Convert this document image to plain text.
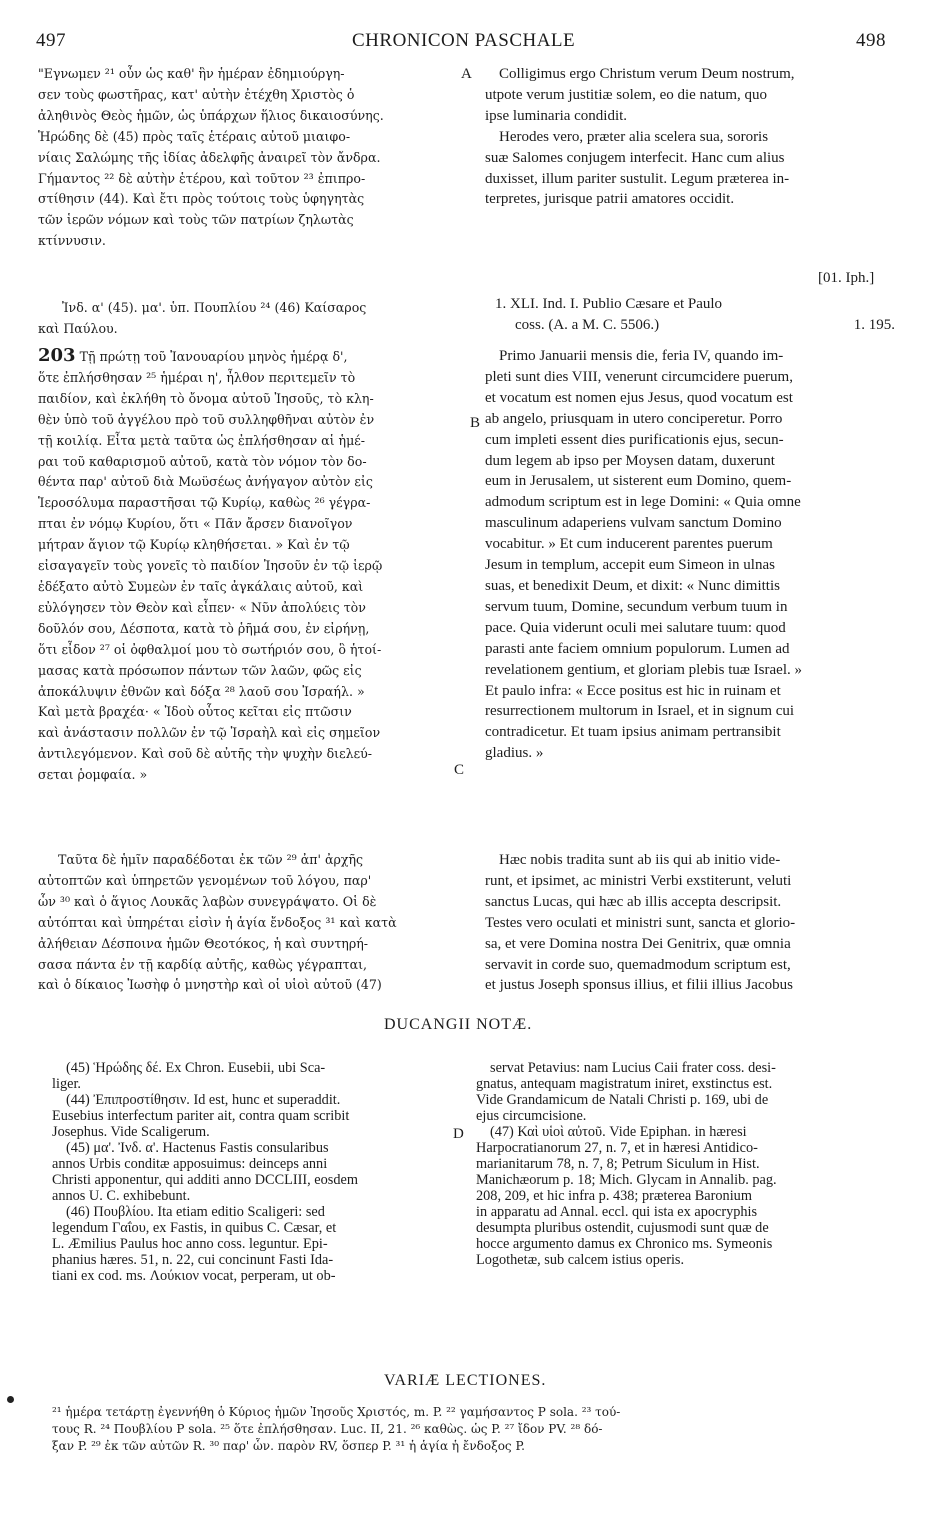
497	CHRONICON PASCHALE	498
A
B
C
D
"Εγνωμεν ²¹ οὖν ὡς καθ' ἣν ἡμέραν ἐδημιούργη-
σεν τοὺς φωστῆρας, κατ' αὐτὴν ἐτέχθη Χριστὸς ὁ
ἀληθινὸς Θεὸς ἡμῶν, ὡς ὑπάρχων ἥλιος δικαιοσύνης.
Ἡρώδης δὲ (45) πρὸς ταῖς ἑτέραις αὐτοῦ μιαιφο-
νίαις Σαλώμης τῆς ἰδίας ἀδελφῆς ἀναιρεῖ τὸν ἄνδρα.
Γήμαντος ²² δὲ αὐτὴν ἑτέρου, καὶ τοῦτον ²³ ἐπιπρο-
στίθησιν (44). Καὶ ἔτι πρὸς τούτοις τοὺς ὑφηγητὰς
τῶν ἱερῶν νόμων καὶ τοὺς τῶν πατρίων ζηλωτὰς
κτίννυσιν.
Ἰνδ. α' (45). μα'. ὑπ. Πουπλίου ²⁴ (46) Καίσαρος
καὶ Παύλου.
203 Τῇ πρώτῃ τοῦ Ἰανουαρίου μηνὸς ἡμέρᾳ δ',
ὅτε ἐπλήσθησαν ²⁵ ἡμέραι η', ἦλθον περιτεμεῖν τὸ
παιδίον, καὶ ἐκλήθη τὸ ὄνομα αὐτοῦ Ἰησοῦς, τὸ κλη-
θὲν ὑπὸ τοῦ ἀγγέλου πρὸ τοῦ συλληφθῆναι αὐτὸν ἐν
τῇ κοιλίᾳ. Εἶτα μετὰ ταῦτα ὡς ἐπλήσθησαν αἱ ἡμέ-
ραι τοῦ καθαρισμοῦ αὐτοῦ, κατὰ τὸν νόμον τὸν δο-
θέντα παρ' αὐτοῦ διὰ Μωϋσέως ἀνήγαγον αὐτὸν εἰς
Ἱεροσόλυμα παραστῆσαι τῷ Κυρίῳ, καθὼς ²⁶ γέγρα-
πται ἐν νόμῳ Κυρίου, ὅτι « Πᾶν ἄρσεν διανοῖγον
μήτραν ἅγιον τῷ Κυρίῳ κληθήσεται. » Καὶ ἐν τῷ
εἰσαγαγεῖν τοὺς γονεῖς τὸ παιδίον Ἰησοῦν ἐν τῷ ἱερῷ
ἐδέξατο αὐτὸ Συμεὼν ἐν ταῖς ἀγκάλαις αὐτοῦ, καὶ
εὐλόγησεν τὸν Θεὸν καὶ εἶπεν· « Νῦν ἀπολύεις τὸν
δοῦλόν σου, Δέσποτα, κατὰ τὸ ῥῆμά σου, ἐν εἰρήνῃ,
ὅτι εἶδον ²⁷ οἱ ὀφθαλμοί μου τὸ σωτήριόν σου, ὃ ἡτοί-
μασας κατὰ πρόσωπον πάντων τῶν λαῶν, φῶς εἰς
ἀποκάλυψιν ἐθνῶν καὶ δόξα ²⁸ λαοῦ σου Ἰσραήλ. »
Καὶ μετὰ βραχέα· « Ἰδοὺ οὗτος κεῖται εἰς πτῶσιν
καὶ ἀνάστασιν πολλῶν ἐν τῷ Ἰσραὴλ καὶ εἰς σημεῖον
ἀντιλεγόμενον. Καὶ σοῦ δὲ αὐτῆς τὴν ψυχὴν διελεύ-
σεται ῥομφαία. »
Ταῦτα δὲ ἡμῖν παραδέδοται ἐκ τῶν ²⁹ ἀπ' ἀρχῆς
αὐτοπτῶν καὶ ὑπηρετῶν γενομένων τοῦ λόγου, παρ'
ὧν ³⁰ καὶ ὁ ἅγιος Λουκᾶς λαβὼν συνεγράψατο. Οἱ δὲ
αὐτόπται καὶ ὑπηρέται εἰσὶν ἡ ἁγία ἔνδοξος ³¹ καὶ κατὰ
ἀλήθειαν Δέσποινα ἡμῶν Θεοτόκος, ἡ καὶ συντηρή-
σασα πάντα ἐν τῇ καρδίᾳ αὐτῆς, καθὼς γέγραπται,
καὶ ὁ δίκαιος Ἰωσὴφ ὁ μνηστὴρ καὶ οἱ υἱοὶ αὐτοῦ (47)
Colligimus ergo Christum verum Deum nostrum,
utpote verum justitiæ solem, eo die natum, quo
ipse luminaria condidit.
Herodes vero, præter alia scelera sua, sororis
suæ Salomes conjugem interfecit. Hanc cum alius
duxisset, illum pariter sustulit. Legum præterea in-
terpretes, jurisque patrii amatores occidit.
[01. Iph.]
1. XLI. Ind. I. Publio Cæsare et Paulo
coss. (A. a M. C. 5506.)	1. 195.
Primo Januarii mensis die, feria IV, quando im-
pleti sunt dies VIII, venerunt circumcidere puerum,
et vocatum est nomen ejus Jesus, quod vocatum est
ab angelo, priusquam in utero conciperetur. Porro
cum impleti essent dies purificationis ejus, secun-
dum legem ab ipso per Moysen datam, duxerunt
eum in Jerusalem, ut sisterent eum Domino, quem-
admodum scriptum est in lege Domini: « Quia omne
masculinum adaperiens vulvam sanctum Domino
vocabitur. » Et cum inducerent parentes puerum
Jesum in templum, accepit eum Simeon in ulnas
suas, et benedixit Deum, et dixit: « Nunc dimittis
servum tuum, Domine, secundum verbum tuum in
pace. Quia viderunt oculi mei salutare tuum: quod
parasti ante faciem omnium populorum. Lumen ad
revelationem gentium, et gloriam plebis tuæ Israel. »
Et paulo infra: « Ecce positus est hic in ruinam et
resurrectionem multorum in Israel, et in signum cui
contradicetur. Et tuam ipsius animam pertransibit
gladius. »
Hæc nobis tradita sunt ab iis qui ab initio vide-
runt, et ipsimet, ac ministri Verbi exstiterunt, veluti
sanctus Lucas, qui hæc ab illis accepta descripsit.
Testes vero oculati et ministri sunt, sancta et glorio-
sa, et vere Domina nostra Dei Genitrix, quæ omnia
servavit in corde suo, quemadmodum scriptum est,
et justus Joseph sponsus illius, et filii illius Jacobus
DUCANGII NOTÆ.
(45) Ἡρώδης δέ. Ex Chron. Eusebii, ubi Sca-
liger.
(44) Ἐπιπροστίθησιν. Id est, hunc et superaddit.
Eusebius interfectum pariter ait, contra quam scribit
Josephus. Vide Scaligerum.
(45) μα'. Ἰνδ. α'. Hactenus Fastis consularibus
annos Urbis conditæ apposuimus: deinceps anni
Christi apponentur, qui additi anno DCCLIII, eosdem
annos U. C. exhibebunt.
(46) Πουβλίου. Ita etiam editio Scaligeri: sed
legendum Γαΐου, ex Fastis, in quibus C. Cæsar, et
L. Æmilius Paulus hoc anno coss. leguntur. Epi-
phanius hæres. 51, n. 22, cui concinunt Fasti Ida-
tiani ex cod. ms. Λούκιον vocat, perperam, ut ob-
servat Petavius: nam Lucius Caii frater coss. desi-
gnatus, antequam magistratum iniret, exstinctus est.
Vide Grandamicum de Natali Christi p. 169, ubi de
ejus circumcisione.
(47) Καὶ υἱοὶ αὐτοῦ. Vide Epiphan. in hæresi
Harpocratianorum 27, n. 7, et in hæresi Antidico-
marianitarum 78, n. 7, 8; Petrum Siculum in Hist.
Manichæorum p. 18; Mich. Glycam in Annalib. pag.
208, 209, et hic infra p. 438; præterea Baronium
in apparatu ad Annal. eccl. qui ista ex apocryphis
desumpta pluribus ostendit, cujusmodi sunt quæ de
hocce argumento damus ex Chronico ms. Symeonis
Logothetæ, sub calcem istius operis.
VARIÆ LECTIONES.
²¹ ἡμέρα τετάρτῃ ἐγεννήθη ὁ Κύριος ἡμῶν Ἰησοῦς Χριστός, m. P. ²² γαμήσαντος P sola. ²³ τού-
τους R. ²⁴ Πουβλίου P sola. ²⁵ ὅτε ἐπλήσθησαν. Luc. II, 21. ²⁶ καθὼς. ὡς P. ²⁷ ἴδον PV. ²⁸ δό-
ξαν P. ²⁹ ἐκ τῶν αὐτῶν R. ³⁰ παρ' ὧν. παρὸν RV, ὅσπερ P. ³¹ ἡ ἁγία ἡ ἔνδοξος P.
